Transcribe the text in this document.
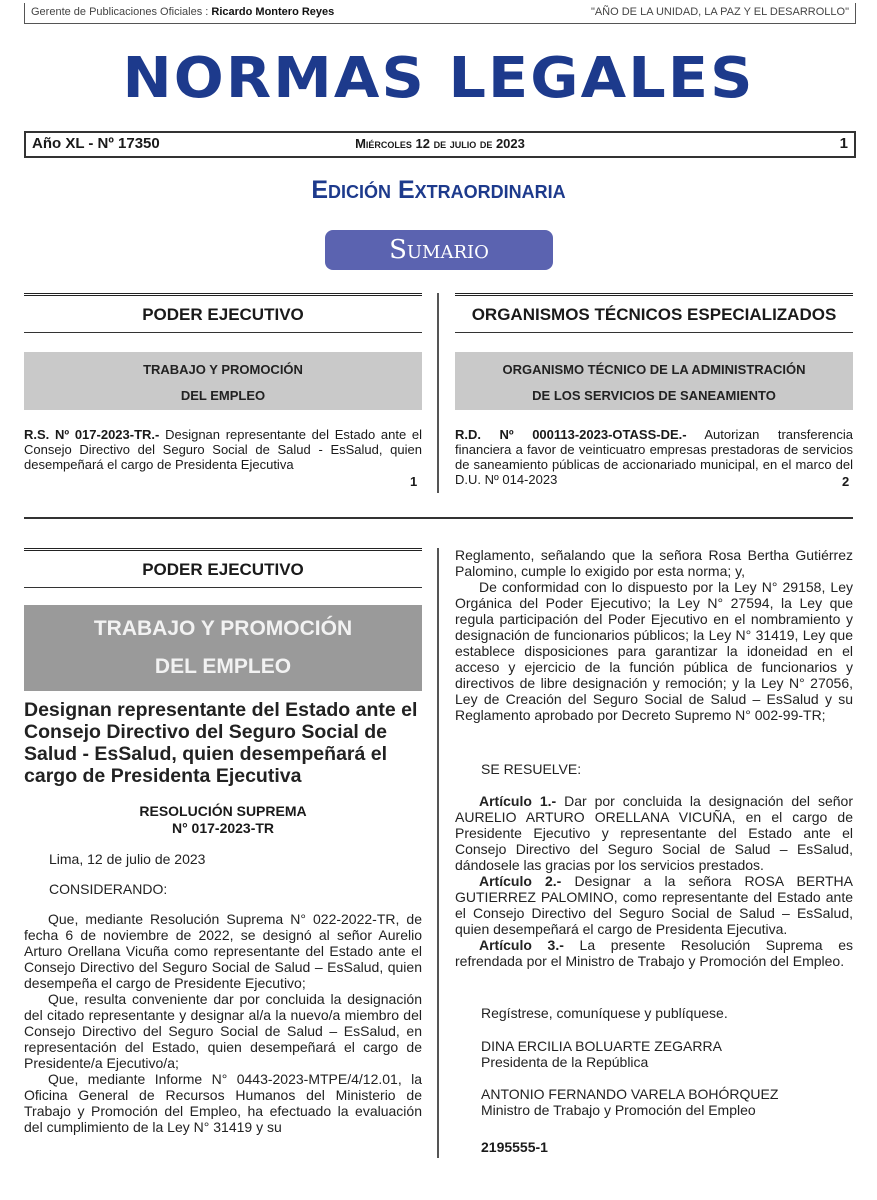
Gerente de Publicaciones Oficiales : Ricardo Montero Reyes	"AÑO DE LA UNIDAD, LA PAZ Y EL DESARROLLO"
NORMAS LEGALES
Año XL - Nº 17350	Miércoles 12 de julio de 2023	1
Edición Extraordinaria
Sumario
PODER EJECUTIVO
TRABAJO Y PROMOCIÓN
DEL EMPLEO
R.S. Nº 017-2023-TR.- Designan representante del Estado ante el Consejo Directivo del Seguro Social de Salud - EsSalud, quien desempeñará el cargo de Presidenta Ejecutiva
1
ORGANISMOS TÉCNICOS ESPECIALIZADOS
ORGANISMO TÉCNICO DE LA ADMINISTRACIÓN
DE LOS SERVICIOS DE SANEAMIENTO
R.D. Nº 000113-2023-OTASS-DE.- Autorizan transferencia financiera a favor de veinticuatro empresas prestadoras de servicios de saneamiento públicas de accionariado municipal, en el marco del D.U. Nº 014-2023	2
PODER EJECUTIVO
TRABAJO Y PROMOCIÓN
DEL EMPLEO
Designan representante del Estado ante el Consejo Directivo del Seguro Social de Salud - EsSalud, quien desempeñará el cargo de Presidenta Ejecutiva
RESOLUCIÓN SUPREMA
N° 017-2023-TR
Lima, 12 de julio de 2023
CONSIDERANDO:

Que, mediante Resolución Suprema N° 022-2022-TR, de fecha 6 de noviembre de 2022, se designó al señor Aurelio Arturo Orellana Vicuña como representante del Estado ante el Consejo Directivo del Seguro Social de Salud – EsSalud, quien desempeña el cargo de Presidente Ejecutivo;

Que, resulta conveniente dar por concluida la designación del citado representante y designar al/a la nuevo/a miembro del Consejo Directivo del Seguro Social de Salud – EsSalud, en representación del Estado, quien desempeñará el cargo de Presidente/a Ejecutivo/a;

Que, mediante Informe N° 0443-2023-MTPE/4/12.01, la Oficina General de Recursos Humanos del Ministerio de Trabajo y Promoción del Empleo, ha efectuado la evaluación del cumplimiento de la Ley N° 31419 y su

Reglamento, señalando que la señora Rosa Bertha Gutiérrez Palomino, cumple lo exigido por esta norma; y,

De conformidad con lo dispuesto por la Ley N° 29158, Ley Orgánica del Poder Ejecutivo; la Ley N° 27594, la Ley que regula participación del Poder Ejecutivo en el nombramiento y designación de funcionarios públicos; la Ley N° 31419, Ley que establece disposiciones para garantizar la idoneidad en el acceso y ejercicio de la función pública de funcionarios y directivos de libre designación y remoción; y la Ley N° 27056, Ley de Creación del Seguro Social de Salud – EsSalud y su Reglamento aprobado por Decreto Supremo N° 002-99-TR;

SE RESUELVE:

Artículo 1.- Dar por concluida la designación del señor AURELIO ARTURO ORELLANA VICUÑA, en el cargo de Presidente Ejecutivo y representante del Estado ante el Consejo Directivo del Seguro Social de Salud – EsSalud, dándosele las gracias por los servicios prestados.

Artículo 2.- Designar a la señora ROSA BERTHA GUTIERREZ PALOMINO, como representante del Estado ante el Consejo Directivo del Seguro Social de Salud – EsSalud, quien desempeñará el cargo de Presidenta Ejecutiva.

Artículo 3.- La presente Resolución Suprema es refrendada por el Ministro de Trabajo y Promoción del Empleo.

Regístrese, comuníquese y publíquese.
DINA ERCILIA BOLUARTE ZEGARRA
Presidenta de la República
ANTONIO FERNANDO VARELA BOHÓRQUEZ
Ministro de Trabajo y Promoción del Empleo
2195555-1
